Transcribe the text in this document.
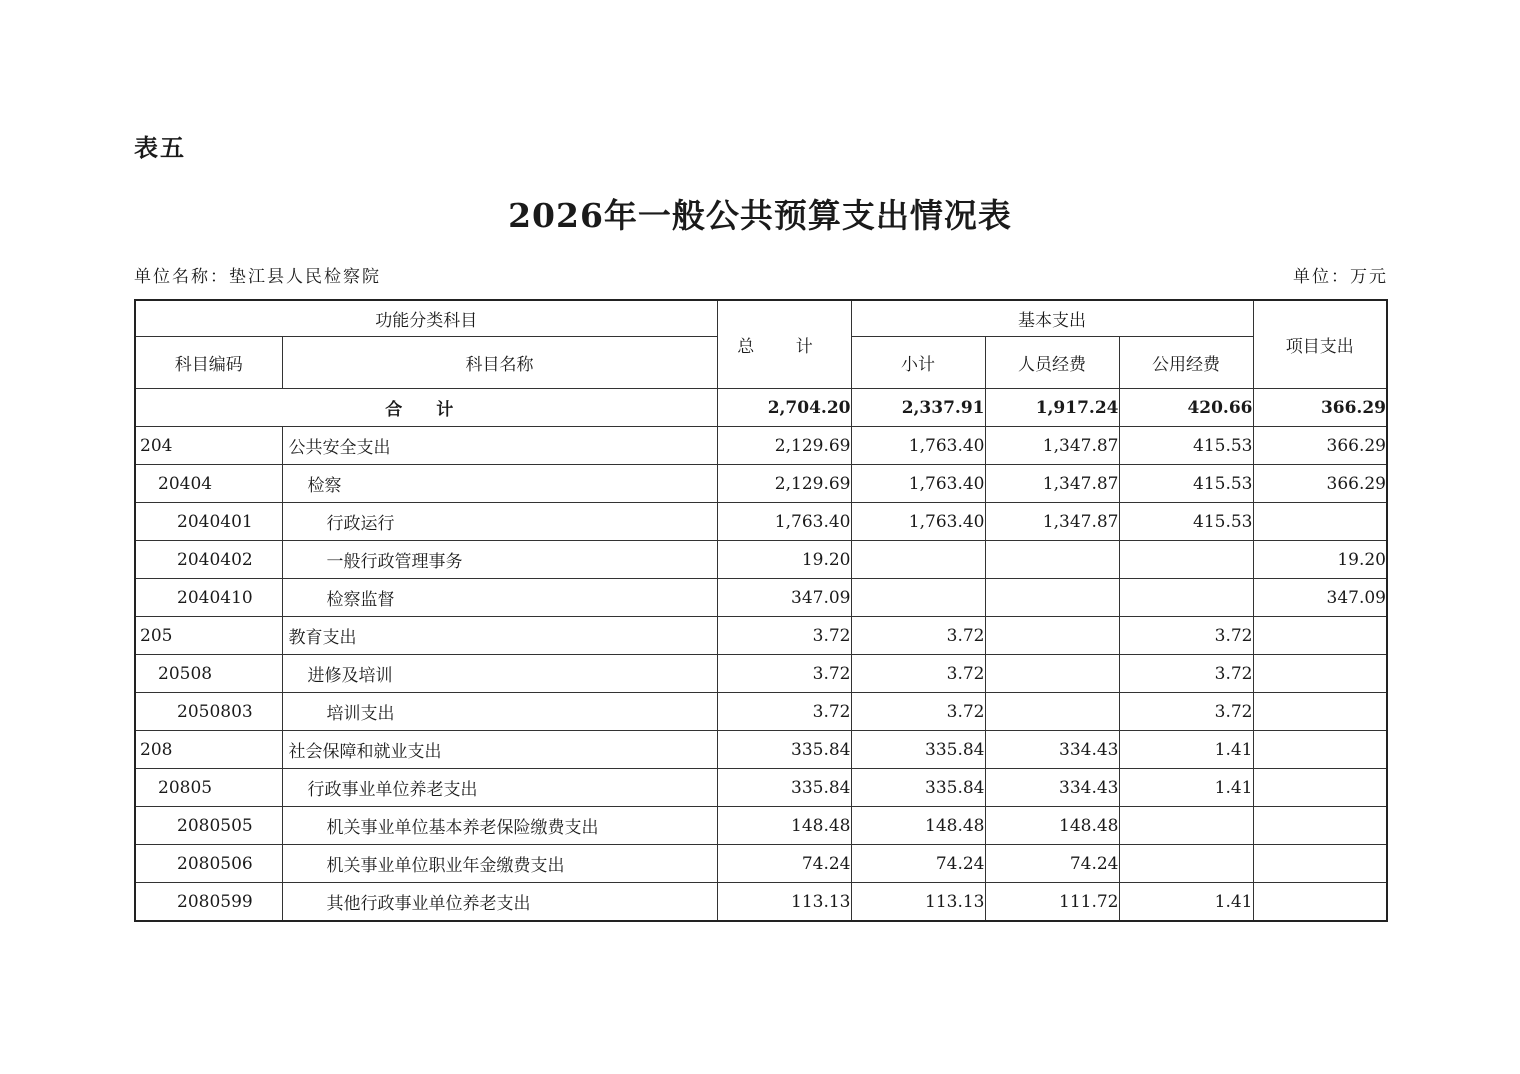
表五
2026年一般公共预算支出情况表
单位名称：垫江县人民检察院	单位：万元
功能分类科目		总 计	基本支出			项目支出
科目编码	科目名称					
			小计	人员经费	公用经费	
合 计		2,704.20	2,337.91	1,917.24	420.66	366.29
204	公共安全支出	2,129.69	1,763.40	1,347.87	415.53	366.29
20404	检察	2,129.69	1,763.40	1,347.87	415.53	366.29
2040401	行政运行	1,763.40	1,763.40	1,347.87	415.53	
2040402	一般行政管理事务	19.20				19.20
2040410	检察监督	347.09				347.09
205	教育支出	3.72	3.72		3.72	
20508	进修及培训	3.72	3.72		3.72	
2050803	培训支出	3.72	3.72		3.72	
208	社会保障和就业支出	335.84	335.84	334.43	1.41	
20805	行政事业单位养老支出	335.84	335.84	334.43	1.41	
2080505	机关事业单位基本养老保险缴费支出	148.48	148.48	148.48		
2080506	机关事业单位职业年金缴费支出	74.24	74.24	74.24		
2080599	其他行政事业单位养老支出	113.13	113.13	111.72	1.41	
